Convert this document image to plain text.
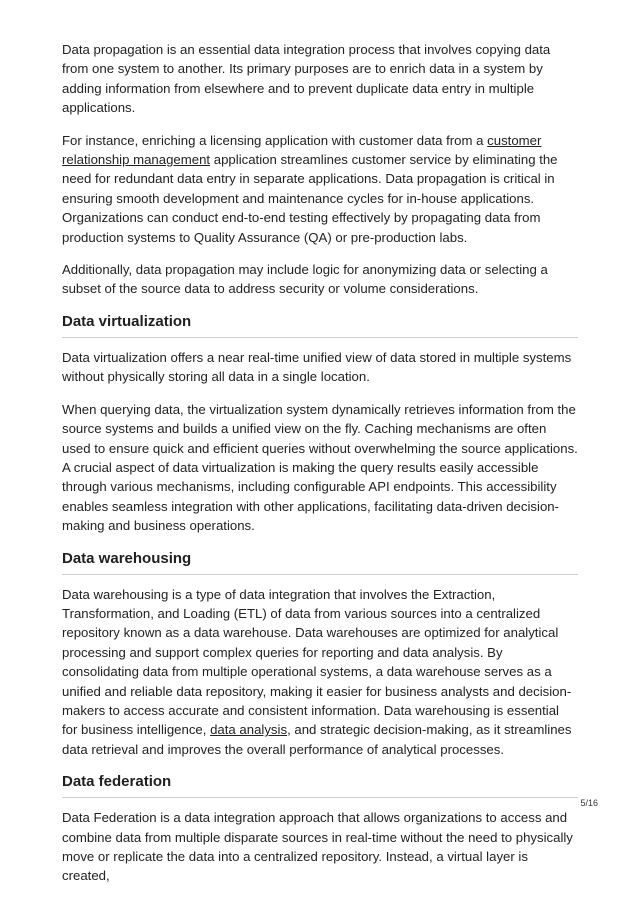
Data propagation is an essential data integration process that involves copying data from one system to another. Its primary purposes are to enrich data in a system by adding information from elsewhere and to prevent duplicate data entry in multiple applications.

For instance, enriching a licensing application with customer data from a customer relationship management application streamlines customer service by eliminating the need for redundant data entry in separate applications. Data propagation is critical in ensuring smooth development and maintenance cycles for in-house applications. Organizations can conduct end-to-end testing effectively by propagating data from production systems to Quality Assurance (QA) or pre-production labs.

Additionally, data propagation may include logic for anonymizing data or selecting a subset of the source data to address security or volume considerations.

Data virtualization

Data virtualization offers a near real-time unified view of data stored in multiple systems without physically storing all data in a single location.

When querying data, the virtualization system dynamically retrieves information from the source systems and builds a unified view on the fly. Caching mechanisms are often used to ensure quick and efficient queries without overwhelming the source applications. A crucial aspect of data virtualization is making the query results easily accessible through various mechanisms, including configurable API endpoints. This accessibility enables seamless integration with other applications, facilitating data-driven decision-making and business operations.

Data warehousing

Data warehousing is a type of data integration that involves the Extraction, Transformation, and Loading (ETL) of data from various sources into a centralized repository known as a data warehouse. Data warehouses are optimized for analytical processing and support complex queries for reporting and data analysis. By consolidating data from multiple operational systems, a data warehouse serves as a unified and reliable data repository, making it easier for business analysts and decision-makers to access accurate and consistent information. Data warehousing is essential for business intelligence, data analysis, and strategic decision-making, as it streamlines data retrieval and improves the overall performance of analytical processes.

Data federation

Data Federation is a data integration approach that allows organizations to access and combine data from multiple disparate sources in real-time without the need to physically move or replicate the data into a centralized repository. Instead, a virtual layer is created,

5/16
